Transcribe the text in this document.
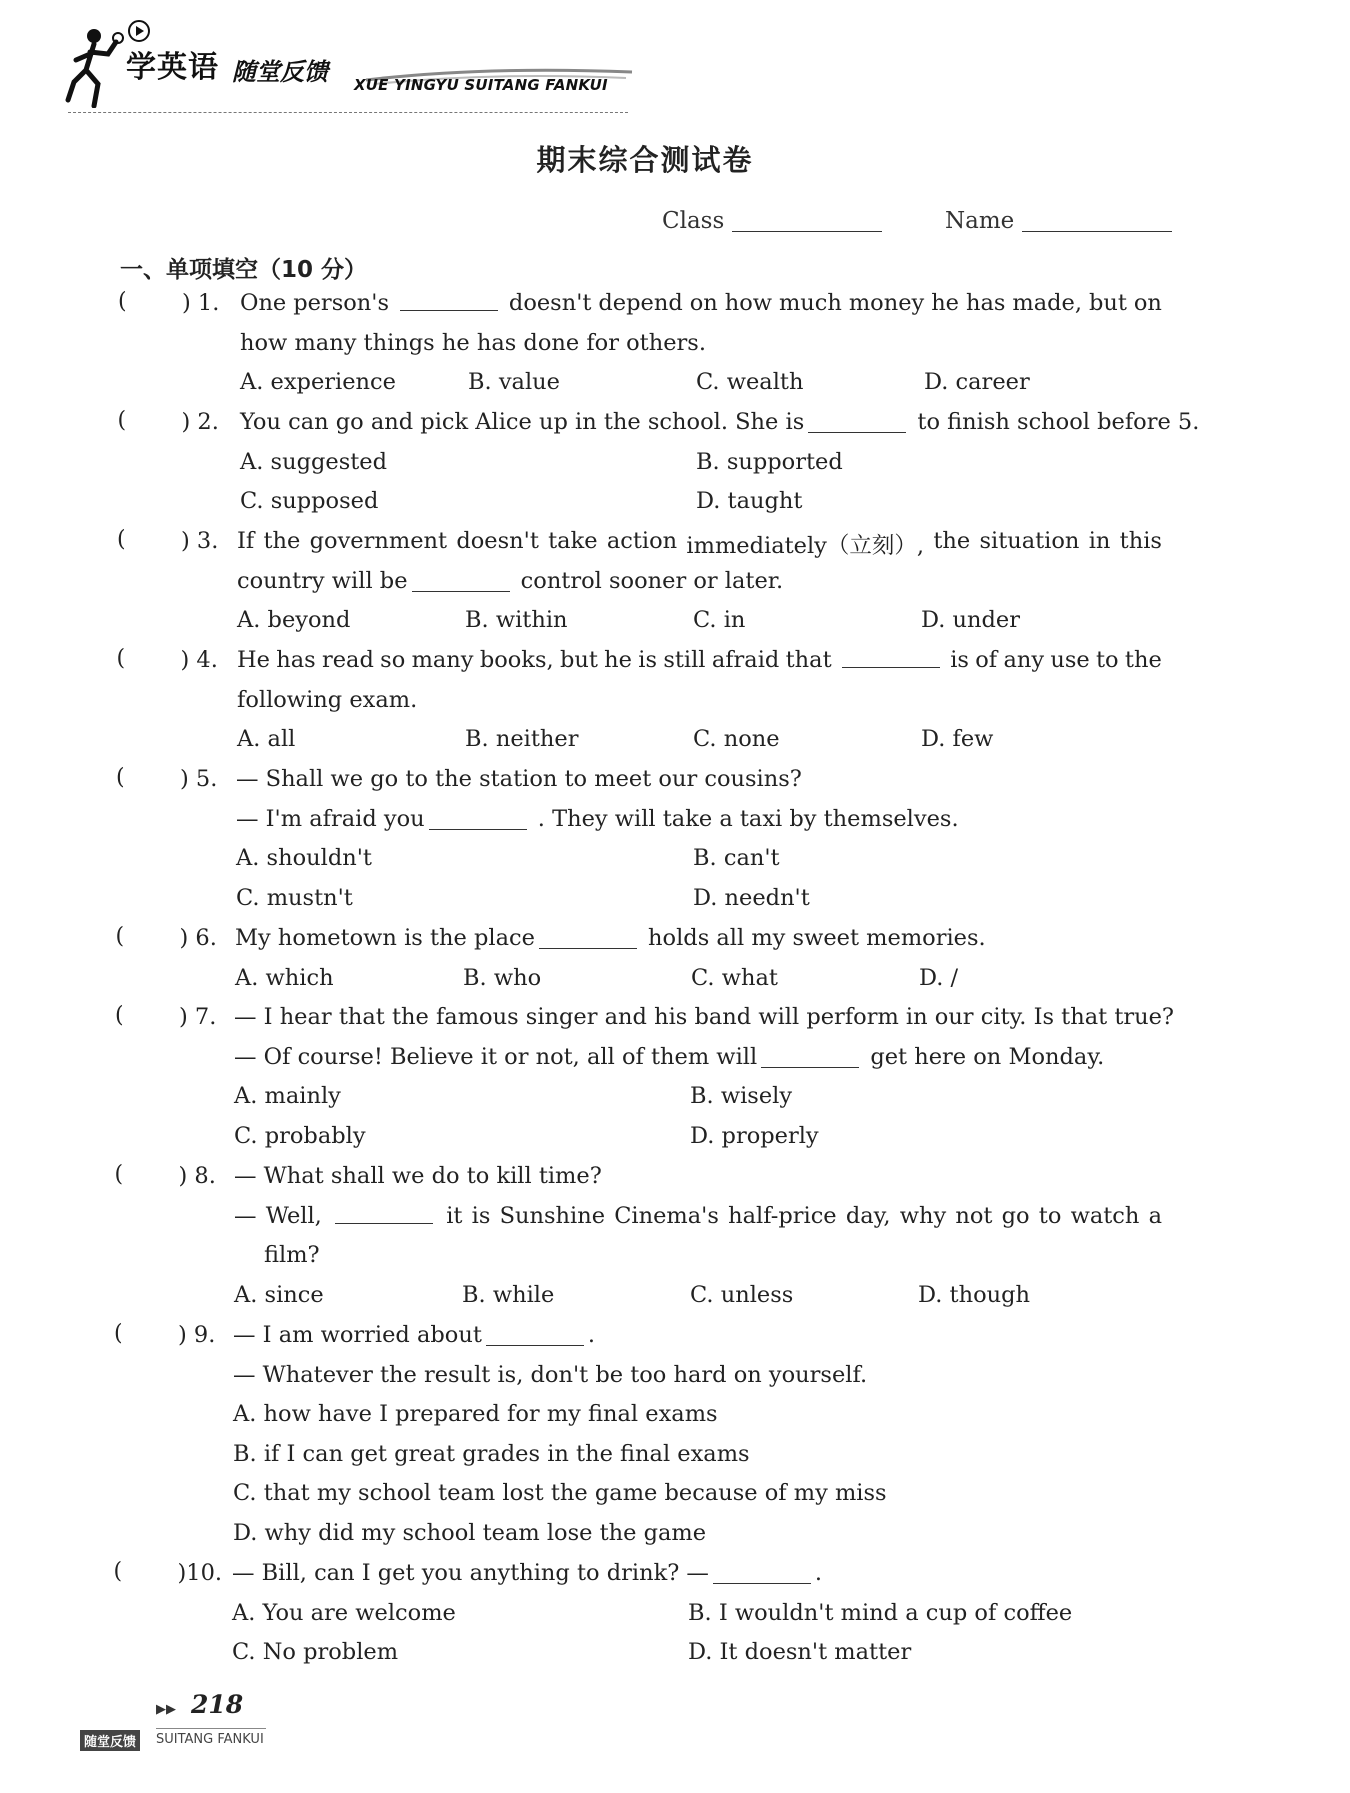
学英语 随堂反馈 XUE YINGYU SUITANG FANKUI
期末综合测试卷
Class	Name
一、单项填空（10 分）
( ) 1. One person's	doesn't depend on how much money he has made, but on
how many things he has done for others.
A. experience	B. value	C. wealth	D. career
( ) 2. You can go and pick Alice up in the school. She is	to finish school before 5.
A. suggested	B. supported
C. supposed	D. taught
( ) 3. If the government doesn't take action immediately（立刻）, the situation in this
country will be	control sooner or later.
A. beyond	B. within	C. in	D. under
( ) 4. He has read so many books, but he is still afraid that	is of any use to the
following exam.
A. all	B. neither	C. none	D. few
( ) 5. — Shall we go to the station to meet our cousins?
— I'm afraid you	. They will take a taxi by themselves.
A. shouldn't	B. can't
C. mustn't	D. needn't
( ) 6. My hometown is the place	holds all my sweet memories.
A. which	B. who	C. what	D. /
( ) 7. — I hear that the famous singer and his band will perform in our city. Is that true?
— Of course! Believe it or not, all of them will	get here on Monday.
A. mainly	B. wisely
C. probably	D. properly
( ) 8. — What shall we do to kill time?
— Well,	it is Sunshine Cinema's half-price day, why not go to watch a
film?
A. since	B. while	C. unless	D. though
( ) 9. — I am worried about	.
— Whatever the result is, don't be too hard on yourself.
A. how have I prepared for my final exams
B. if I can get great grades in the final exams
C. that my school team lost the game because of my miss
D. why did my school team lose the game
( )10. — Bill, can I get you anything to drink? —	.
A. You are welcome	B. I wouldn't mind a cup of coffee
C. No problem	D. It doesn't matter
▶▶ 218
随堂反馈	SUITANG FANKUI
